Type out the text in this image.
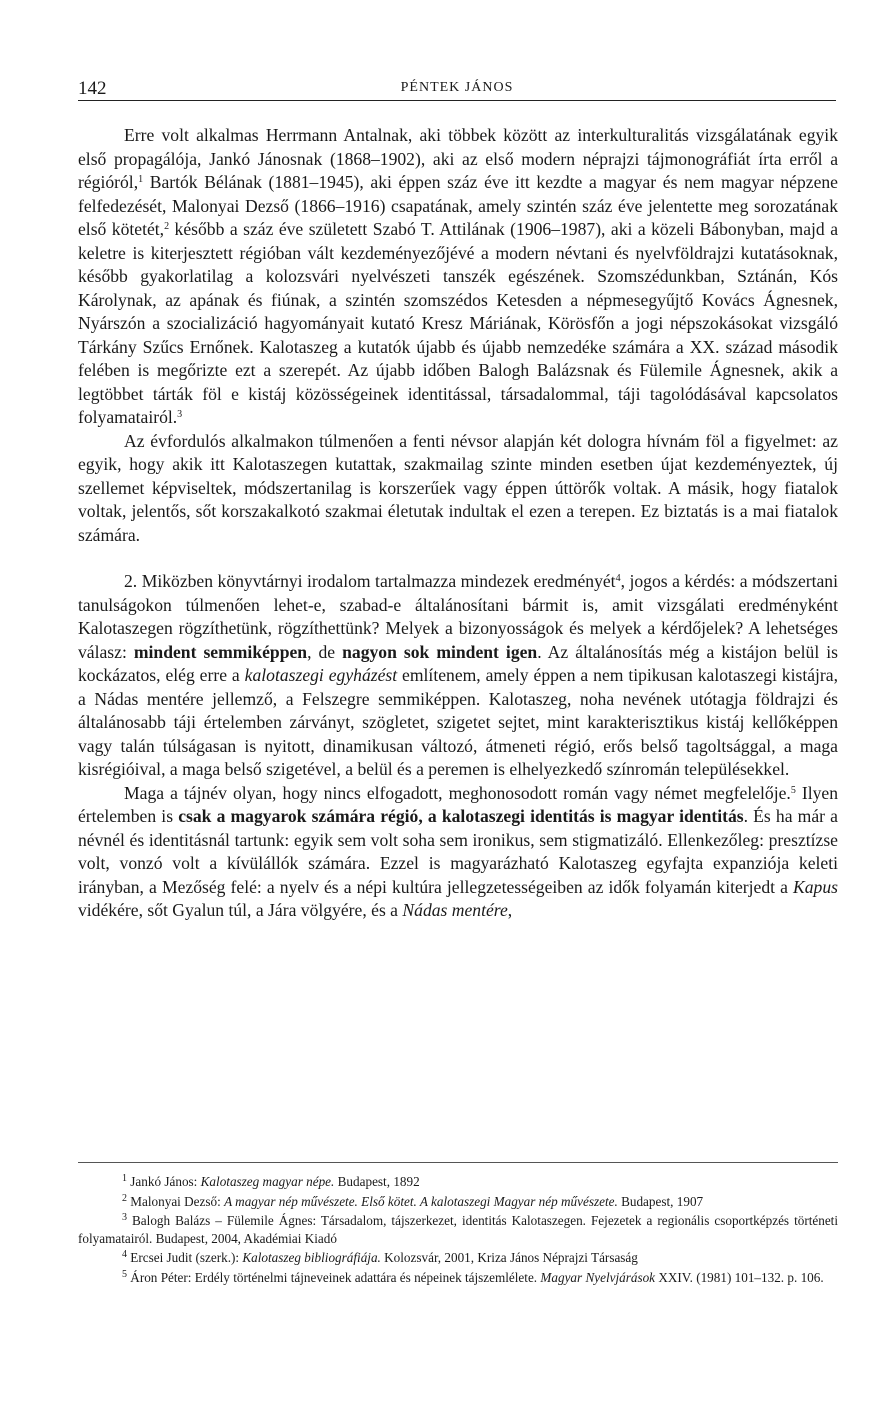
142	PÉNTEK JÁNOS

Erre volt alkalmas Herrmann Antalnak, aki többek között az interkulturalitás vizsgálatának egyik első propagálója, Jankó Jánosnak (1868–1902), aki az első modern néprajzi tájmonográfiát írta erről a régióról,$^1$ Bartók Bélának (1881–1945), aki éppen száz éve itt kezdte a magyar és nem magyar népzene felfedezését, Malonyai Dezső (1866–1916) csapatának, amely szintén száz éve jelentette meg sorozatának első kötetét,$^2$ később a száz éve született Szabó T. Attilának (1906–1987), aki a közeli Bábonyban, majd a keletre is kiterjesztett régióban vált kezdeményezőjévé a modern névtani és nyelvföldrajzi kutatásoknak, később gyakorlatilag a kolozsvári nyelvészeti tanszék egészének. Szomszédunkban, Sztánán, Kós Károlynak, az apának és fiúnak, a szintén szomszédos Ketesden a népmesegyűjtő Kovács Ágnesnek, Nyárszón a szocializáció hagyományait kutató Kresz Máriának, Körösfőn a jogi népszokásokat vizsgáló Tárkány Szűcs Ernőnek. Kalotaszeg a kutatók újabb és újabb nemzedéke számára a XX. század második felében is megőrizte ezt a szerepét. Az újabb időben Balogh Balázsnak és Fülemile Ágnesnek, akik a legtöbbet tárták föl e kistáj közösségeinek identitással, társadalommal, táji tagolódásával kapcsolatos folyamatairól.$^3$

Az évfordulós alkalmakon túlmenően a fenti névsor alapján két dologra hívnám föl a figyelmet: az egyik, hogy akik itt Kalotaszegen kutattak, szakmailag szinte minden esetben újat kezdeményeztek, új szellemet képviseltek, módszertanilag is korszerűek vagy éppen úttörők voltak. A másik, hogy fiatalok voltak, jelentős, sőt korszakalkotó szakmai életutak indultak el ezen a terepen. Ez biztatás is a mai fiatalok számára.

2. Miközben könyvtárnyi irodalom tartalmazza mindezek eredményét$^4$, jogos a kérdés: a módszertani tanulságokon túlmenően lehet-e, szabad-e általánosítani bármit is, amit vizsgálati eredményként Kalotaszegen rögzíthetünk, rögzíthettünk? Melyek a bizonyosságok és melyek a kérdőjelek? A lehetséges válasz: mindent semmiképpen, de nagyon sok mindent igen. Az általánosítás még a kistájon belül is kockázatos, elég erre a kalotaszegi egyházést említenem, amely éppen a nem tipikusan kalotaszegi kistájra, a Nádas mentére jellemző, a Felszegre semmiképpen. Kalotaszeg, noha nevének utótagja földrajzi és általánosabb táji értelemben zárványt, szögletet, szigetet sejtet, mint karakterisztikus kistáj kellőképpen vagy talán túlságasan is nyitott, dinamikusan változó, átmeneti régió, erős belső tagoltsággal, a maga kisrégióival, a maga belső szigetével, a belül és a peremen is elhelyezkedő színromán településekkel.

Maga a tájnév olyan, hogy nincs elfogadott, meghonosodott román vagy német megfelelője.$^5$ Ilyen értelemben is csak a magyarok számára régió, a kalotaszegi identitás is magyar identitás. És ha már a névnél és identitásnál tartunk: egyik sem volt soha sem ironikus, sem stigmatizáló. Ellenkezőleg: presztízse volt, vonzó volt a kívülállók számára. Ezzel is magyarázható Kalotaszeg egyfajta expanziója keleti irányban, a Mezőség felé: a nyelv és a népi kultúra jellegzetességeiben az idők folyamán kiterjedt a Kapus vidékére, sőt Gyalun túl, a Jára völgyére, és a Nádas mentére,

$^1$ Jankó János: Kalotaszeg magyar népe. Budapest, 1892

$^2$ Malonyai Dezső: A magyar nép művészete. Első kötet. A kalotaszegi Magyar nép művészete. Budapest, 1907

$^3$ Balogh Balázs – Fülemile Ágnes: Társadalom, tájszerkezet, identitás Kalotaszegen. Fejezetek a regionális csoportképzés történeti folyamatairól. Budapest, 2004, Akadémiai Kiadó

$^4$ Ercsei Judit (szerk.): Kalotaszeg bibliográfiája. Kolozsvár, 2001, Kriza János Néprajzi Társaság

$^5$ Áron Péter: Erdély történelmi tájneveinek adattára és népeinek tájszemlélete. Magyar Nyelvjárások XXIV. (1981) 101–132. p. 106.
